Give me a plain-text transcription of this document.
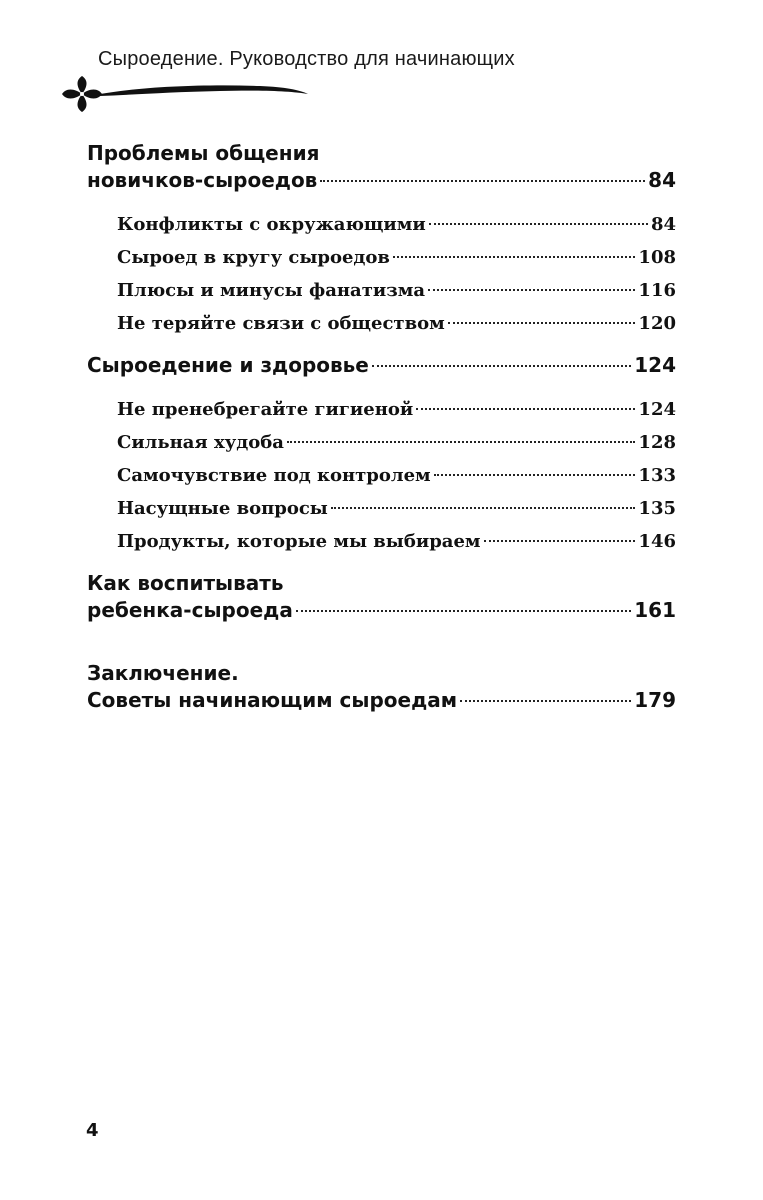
Сыроедение. Руководство для начинающих
Проблемы общения
новичков-сыроедов	84
Конфликты с окружающими	84
Сыроед в кругу сыроедов	108
Плюсы и минусы фанатизма	116
Не теряйте связи с обществом	120
Сыроедение и здоровье	124
Не пренебрегайте гигиеной	124
Сильная худоба	128
Самочувствие под контролем	133
Насущные вопросы	135
Продукты, которые мы выбираем	146
Как воспитывать
ребенка-сыроеда	161
Заключение.
Советы начинающим сыроедам	179
4
